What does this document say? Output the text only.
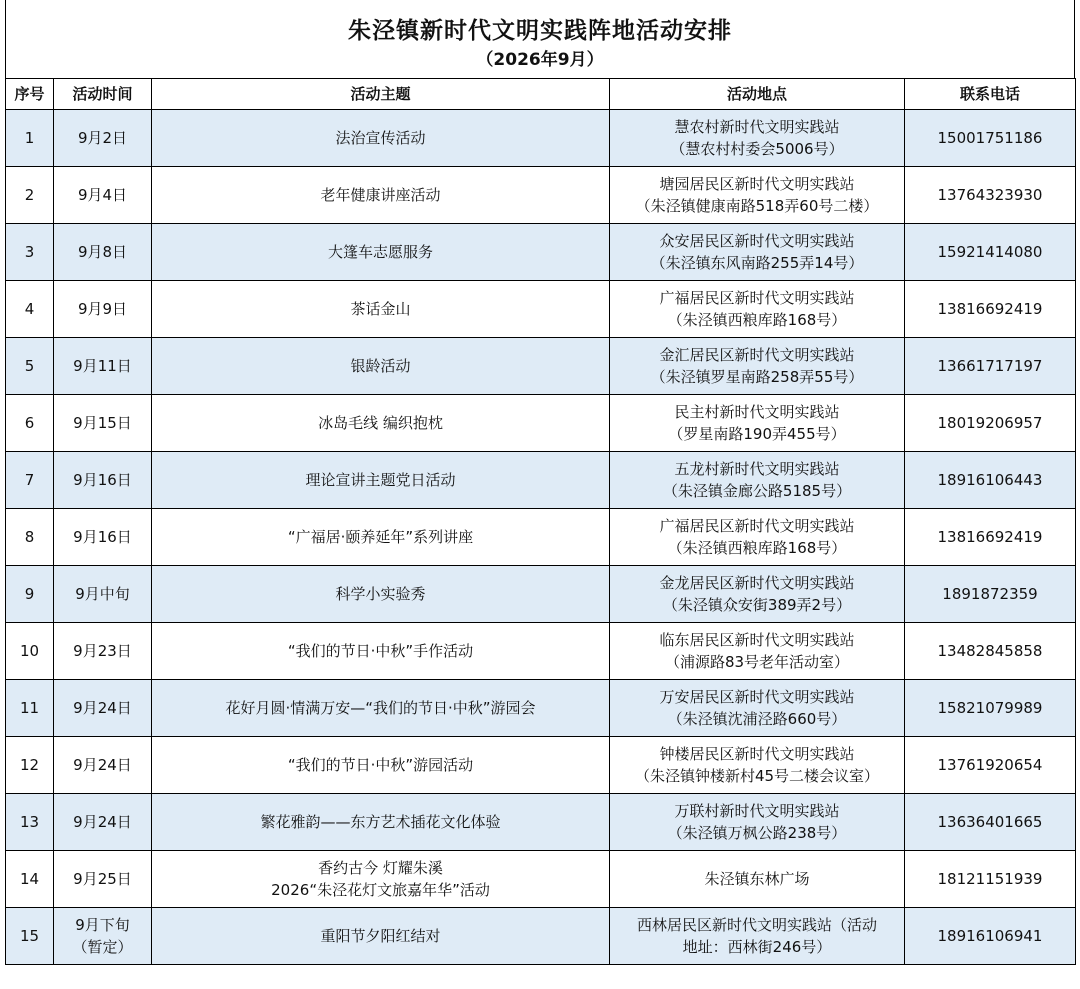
朱泾镇新时代文明实践阵地活动安排
（2026年9月）
序号	活动时间	活动主题	活动地点	联系电话
1	9月2日	法治宣传活动	慧农村新时代文明实践站
（慧农村村委会5006号）	15001751186
2	9月4日	老年健康讲座活动	塘园居民区新时代文明实践站
（朱泾镇健康南路518弄60号二楼）	13764323930
3	9月8日	大篷车志愿服务	众安居民区新时代文明实践站
（朱泾镇东风南路255弄14号）	15921414080
4	9月9日	茶话金山	广福居民区新时代文明实践站
（朱泾镇西粮库路168号）	13816692419
5	9月11日	银龄活动	金汇居民区新时代文明实践站
（朱泾镇罗星南路258弄55号）	13661717197
6	9月15日	冰岛毛线 编织抱枕	民主村新时代文明实践站
（罗星南路190弄455号）	18019206957
7	9月16日	理论宣讲主题党日活动	五龙村新时代文明实践站
（朱泾镇金廊公路5185号）	18916106443
8	9月16日	“广福居·颐养延年”系列讲座	广福居民区新时代文明实践站
（朱泾镇西粮库路168号）	13816692419
9	9月中旬	科学小实验秀	金龙居民区新时代文明实践站
（朱泾镇众安街389弄2号）	1891872359
10	9月23日	“我们的节日·中秋”手作活动	临东居民区新时代文明实践站
（浦源路83号老年活动室）	13482845858
11	9月24日	花好月圆·情满万安—“我们的节日·中秋”游园会	万安居民区新时代文明实践站
（朱泾镇沈浦泾路660号）	15821079989
12	9月24日	“我们的节日·中秋”游园活动	钟楼居民区新时代文明实践站
（朱泾镇钟楼新村45号二楼会议室）	13761920654
13	9月24日	繁花雅韵——东方艺术插花文化体验	万联村新时代文明实践站
（朱泾镇万枫公路238号）	13636401665
14	9月25日	香约古今 灯耀朱溪
2026“朱泾花灯文旅嘉年华”活动	朱泾镇东林广场	18121151939
15	9月下旬
（暂定）	重阳节夕阳红结对	西林居民区新时代文明实践站（活动
地址：西林街246号）	18916106941
